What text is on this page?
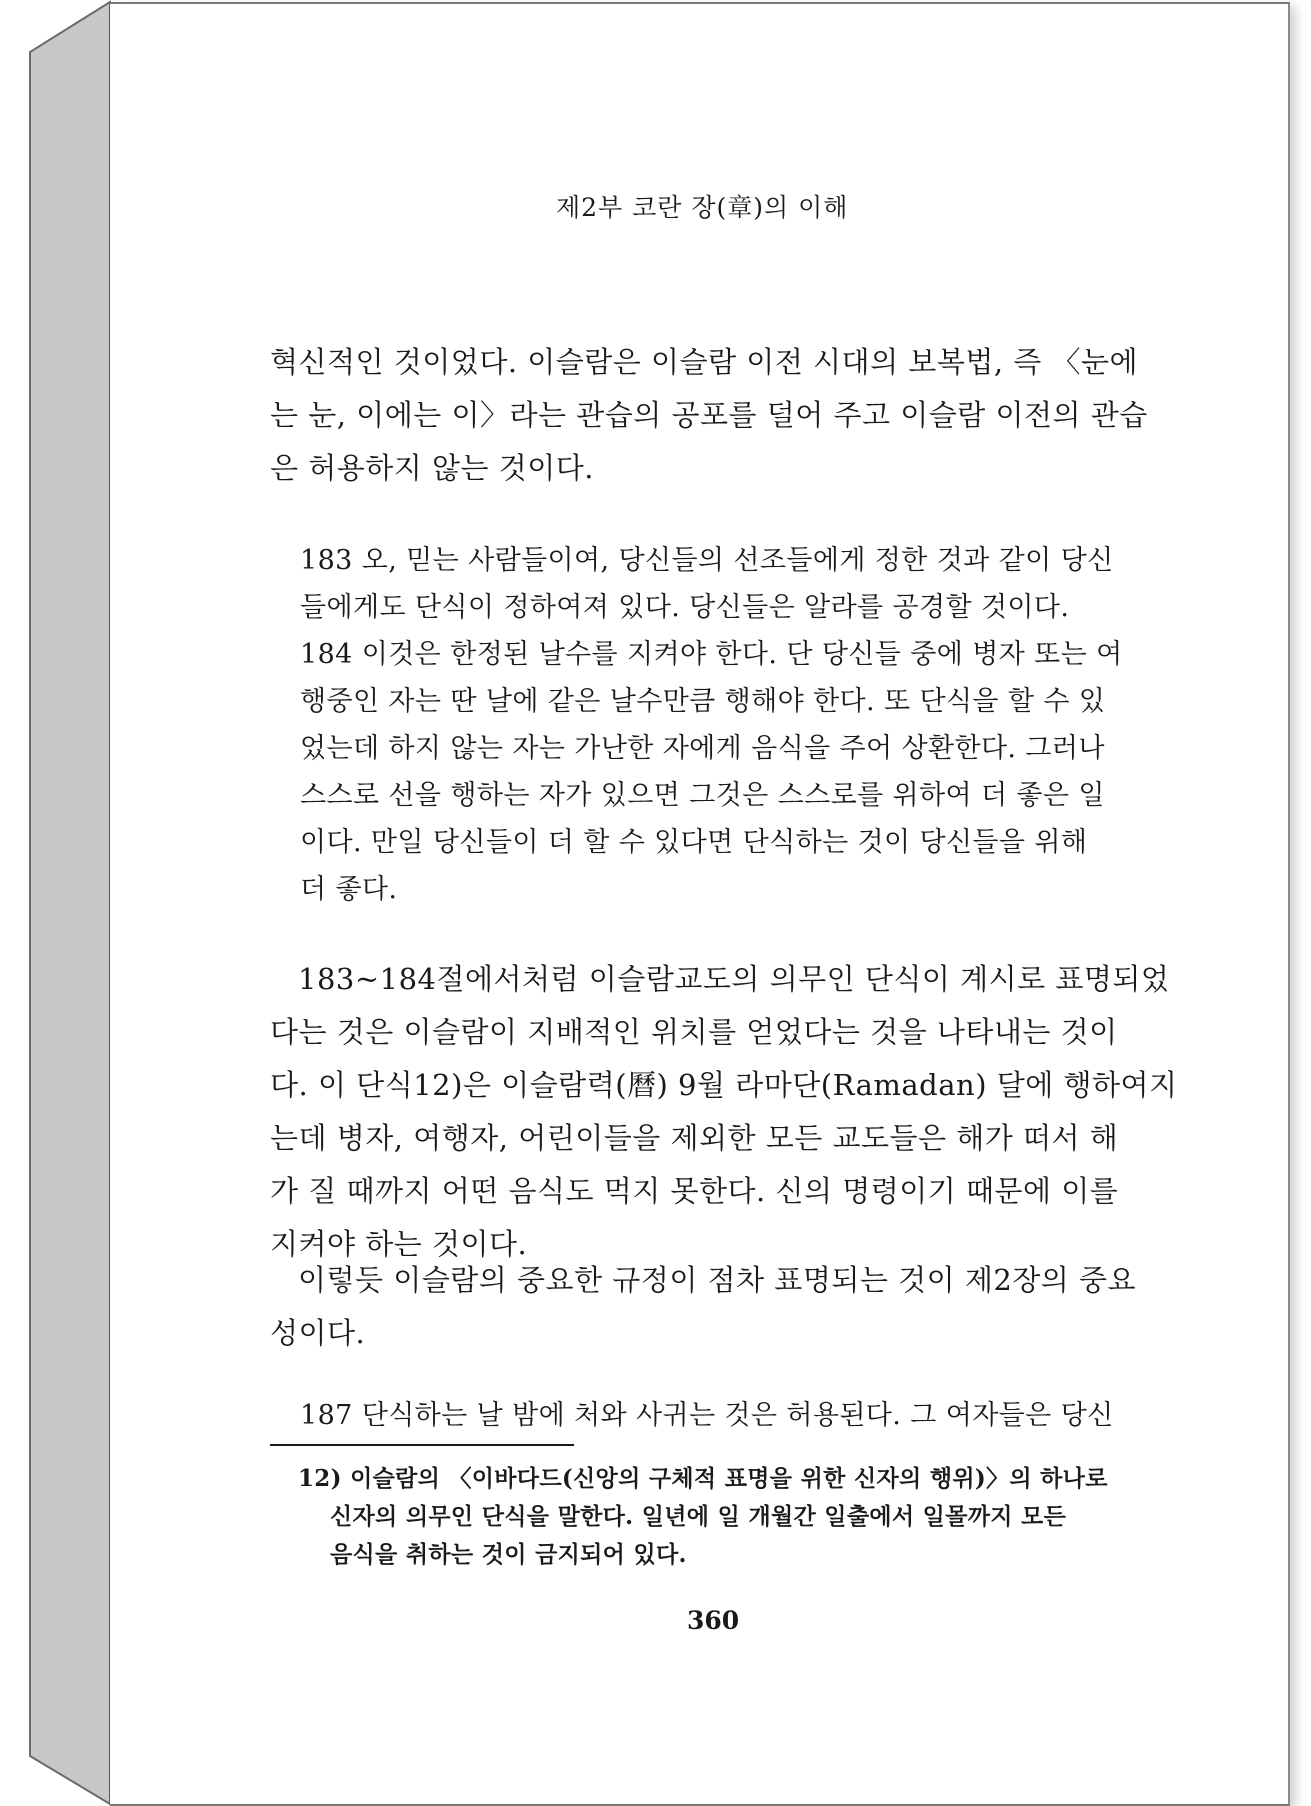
제2부 코란 장(章)의 이해
혁신적인 것이었다. 이슬람은 이슬람 이전 시대의 보복법, 즉 〈눈에
는 눈, 이에는 이〉라는 관습의 공포를 덜어 주고 이슬람 이전의 관습
은 허용하지 않는 것이다.
183 오, 믿는 사람들이여, 당신들의 선조들에게 정한 것과 같이 당신
들에게도 단식이 정하여져 있다. 당신들은 알라를 공경할 것이다.
184 이것은 한정된 날수를 지켜야 한다. 단 당신들 중에 병자 또는 여
행중인 자는 딴 날에 같은 날수만큼 행해야 한다. 또 단식을 할 수 있
었는데 하지 않는 자는 가난한 자에게 음식을 주어 상환한다. 그러나
스스로 선을 행하는 자가 있으면 그것은 스스로를 위하여 더 좋은 일
이다. 만일 당신들이 더 할 수 있다면 단식하는 것이 당신들을 위해
더 좋다.
183~184절에서처럼 이슬람교도의 의무인 단식이 계시로 표명되었
다는 것은 이슬람이 지배적인 위치를 얻었다는 것을 나타내는 것이
다. 이 단식12)은 이슬람력(曆) 9월 라마단(Ramadan) 달에 행하여지
는데 병자, 여행자, 어린이들을 제외한 모든 교도들은 해가 떠서 해
가 질 때까지 어떤 음식도 먹지 못한다. 신의 명령이기 때문에 이를
지켜야 하는 것이다.
이렇듯 이슬람의 중요한 규정이 점차 표명되는 것이 제2장의 중요
성이다.
187 단식하는 날 밤에 처와 사귀는 것은 허용된다. 그 여자들은 당신
12) 이슬람의 〈이바다드(신앙의 구체적 표명을 위한 신자의 행위)〉의 하나로
신자의 의무인 단식을 말한다. 일년에 일 개월간 일출에서 일몰까지 모든
음식을 취하는 것이 금지되어 있다.
360
